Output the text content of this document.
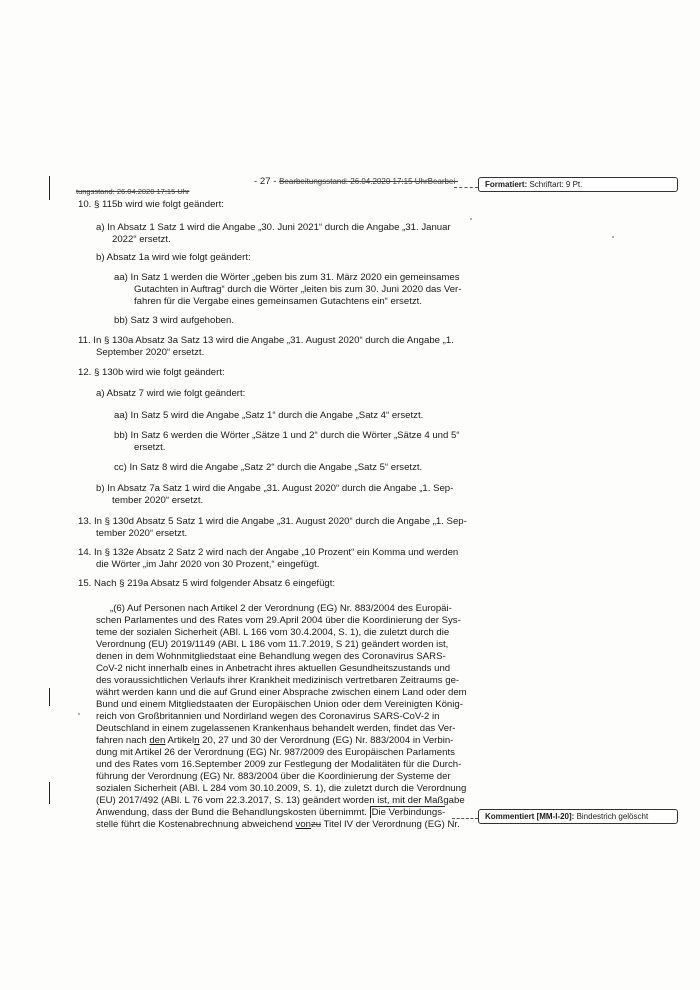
tungsstand: 26.04.2020 17:15 Uhr
- 27 - Bearbeitungsstand: 26.04.2020 17:15 UhrBearbei-	Formatiert: Schriftart: 9 Pt.
10. § 115b wird wie folgt geändert:
a) In Absatz 1 Satz 1 wird die Angabe „30. Juni 2021“ durch die Angabe „31. Januar
2022“ ersetzt.
b) Absatz 1a wird wie folgt geändert:
aa) In Satz 1 werden die Wörter „geben bis zum 31. März 2020 ein gemeinsames
Gutachten in Auftrag“ durch die Wörter „leiten bis zum 30. Juni 2020 das Ver-
fahren für die Vergabe eines gemeinsamen Gutachtens ein“ ersetzt.
bb) Satz 3 wird aufgehoben.
11. In § 130a Absatz 3a Satz 13 wird die Angabe „31. August 2020“ durch die Angabe „1.
September 2020“ ersetzt.
12. § 130b wird wie folgt geändert:
a) Absatz 7 wird wie folgt geändert:
aa) In Satz 5 wird die Angabe „Satz 1“ durch die Angabe „Satz 4“ ersetzt.
bb) In Satz 6 werden die Wörter „Sätze 1 und 2“ durch die Wörter „Sätze 4 und 5“
ersetzt.
cc) In Satz 8 wird die Angabe „Satz 2“ durch die Angabe „Satz 5“ ersetzt.
b) In Absatz 7a Satz 1 wird die Angabe „31. August 2020“ durch die Angabe „1. Sep-
tember 2020“ ersetzt.
13. In § 130d Absatz 5 Satz 1 wird die Angabe „31. August 2020“ durch die Angabe „1. Sep-
tember 2020“ ersetzt.
14. In § 132e Absatz 2 Satz 2 wird nach der Angabe „10 Prozent“ ein Komma und werden
die Wörter „im Jahr 2020 von 30 Prozent,“ eingefügt.
15. Nach § 219a Absatz 5 wird folgender Absatz 6 eingefügt:
„(6) Auf Personen nach Artikel 2 der Verordnung (EG) Nr. 883/2004 des Europäi-
schen Parlamentes und des Rates vom 29.April 2004 über die Koordinierung der Sys-
teme der sozialen Sicherheit (ABl. L 166 vom 30.4.2004, S. 1), die zuletzt durch die
Verordnung (EU) 2019/1149 (ABl. L 186 vom 11.7.2019, S 21) geändert worden ist,
denen in dem Wohnmitgliedstaat eine Behandlung wegen des Coronavirus SARS-
CoV-2 nicht innerhalb eines in Anbetracht ihres aktuellen Gesundheitszustands und
des voraussichtlichen Verlaufs ihrer Krankheit medizinisch vertretbaren Zeitraums ge-
währt werden kann und die auf Grund einer Absprache zwischen einem Land oder dem
Bund und einem Mitgliedstaaten der Europäischen Union oder dem Vereinigten König-
reich von Großbritannien und Nordirland wegen des Coronavirus SARS-CoV-2 in
Deutschland in einem zugelassenen Krankenhaus behandelt werden, findet das Ver-
fahren nach den Artikeln 20, 27 und 30 der Verordnung (EG) Nr. 883/2004 in Verbin-
dung mit Artikel 26 der Verordnung (EG) Nr. 987/2009 des Europäischen Parlaments
und des Rates vom 16.September 2009 zur Festlegung der Modalitäten für die Durch-
führung der Verordnung (EG) Nr. 883/2004 über die Koordinierung der Systeme der
sozialen Sicherheit (ABl. L 284 vom 30.10.2009, S. 1), die zuletzt durch die Verordnung
(EU) 2017/492 (ABl. L 76 vom 22.3.2017, S. 13) geändert worden ist, mit der Maßgabe
Anwendung, dass der Bund die Behandlungskosten übernimmt. Die Verbindungs-
stelle führt die Kostenabrechnung abweichend vonzu Titel IV der Verordnung (EG) Nr.
Kommentiert [MM-I-20]: Bindestrich gelöscht
